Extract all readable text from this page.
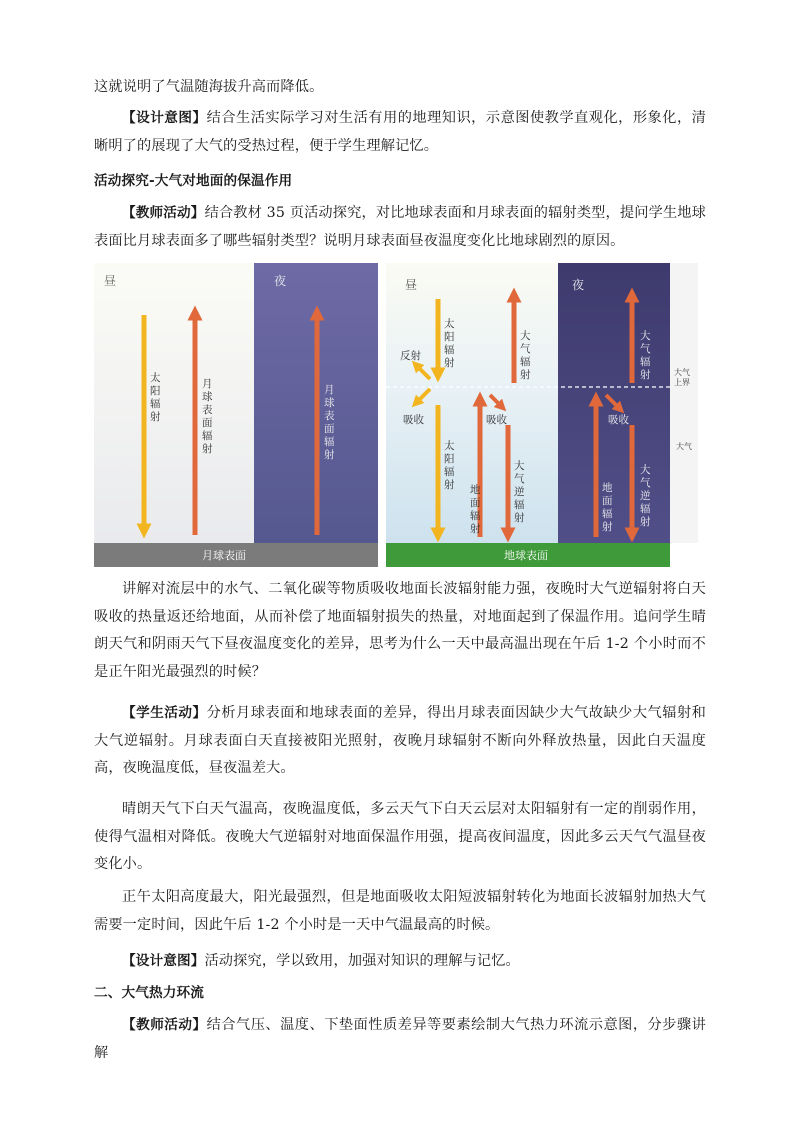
这就说明了气温随海拔升高而降低。

【设计意图】结合生活实际学习对生活有用的地理知识，示意图使教学直观化，形象化，清晰明了的展现了大气的受热过程，便于学生理解记忆。

活动探究-大气对地面的保温作用

【教师活动】结合教材 35 页活动探究，对比地球表面和月球表面的辐射类型，提问学生地球表面比月球表面多了哪些辐射类型？说明月球表面昼夜温度变化比地球剧烈的原因。

昼	夜
太阳辐射
月球表面辐射
月球表面辐射
月球表面
昼	夜
太阳辐射
反射
吸收
大气辐射
吸收
太阳辐射 地面辐射
大气逆辐射
大气辐射
地面辐射
吸收
大气逆辐射
大气上界
大气
地球表面

讲解对流层中的水气、二氧化碳等物质吸收地面长波辐射能力强，夜晚时大气逆辐射将白天吸收的热量返还给地面，从而补偿了地面辐射损失的热量，对地面起到了保温作用。追问学生晴朗天气和阴雨天气下昼夜温度变化的差异，思考为什么一天中最高温出现在午后 1-2 个小时而不是正午阳光最强烈的时候？

【学生活动】分析月球表面和地球表面的差异，得出月球表面因缺少大气故缺少大气辐射和大气逆辐射。月球表面白天直接被阳光照射，夜晚月球辐射不断向外释放热量，因此白天温度高，夜晚温度低，昼夜温差大。

晴朗天气下白天气温高，夜晚温度低，多云天气下白天云层对太阳辐射有一定的削弱作用，使得气温相对降低。夜晚大气逆辐射对地面保温作用强，提高夜间温度，因此多云天气气温昼夜变化小。

正午太阳高度最大，阳光最强烈，但是地面吸收太阳短波辐射转化为地面长波辐射加热大气需要一定时间，因此午后 1-2 个小时是一天中气温最高的时候。

【设计意图】活动探究，学以致用，加强对知识的理解与记忆。

二、大气热力环流

【教师活动】结合气压、温度、下垫面性质差异等要素绘制大气热力环流示意图，分步骤讲解
